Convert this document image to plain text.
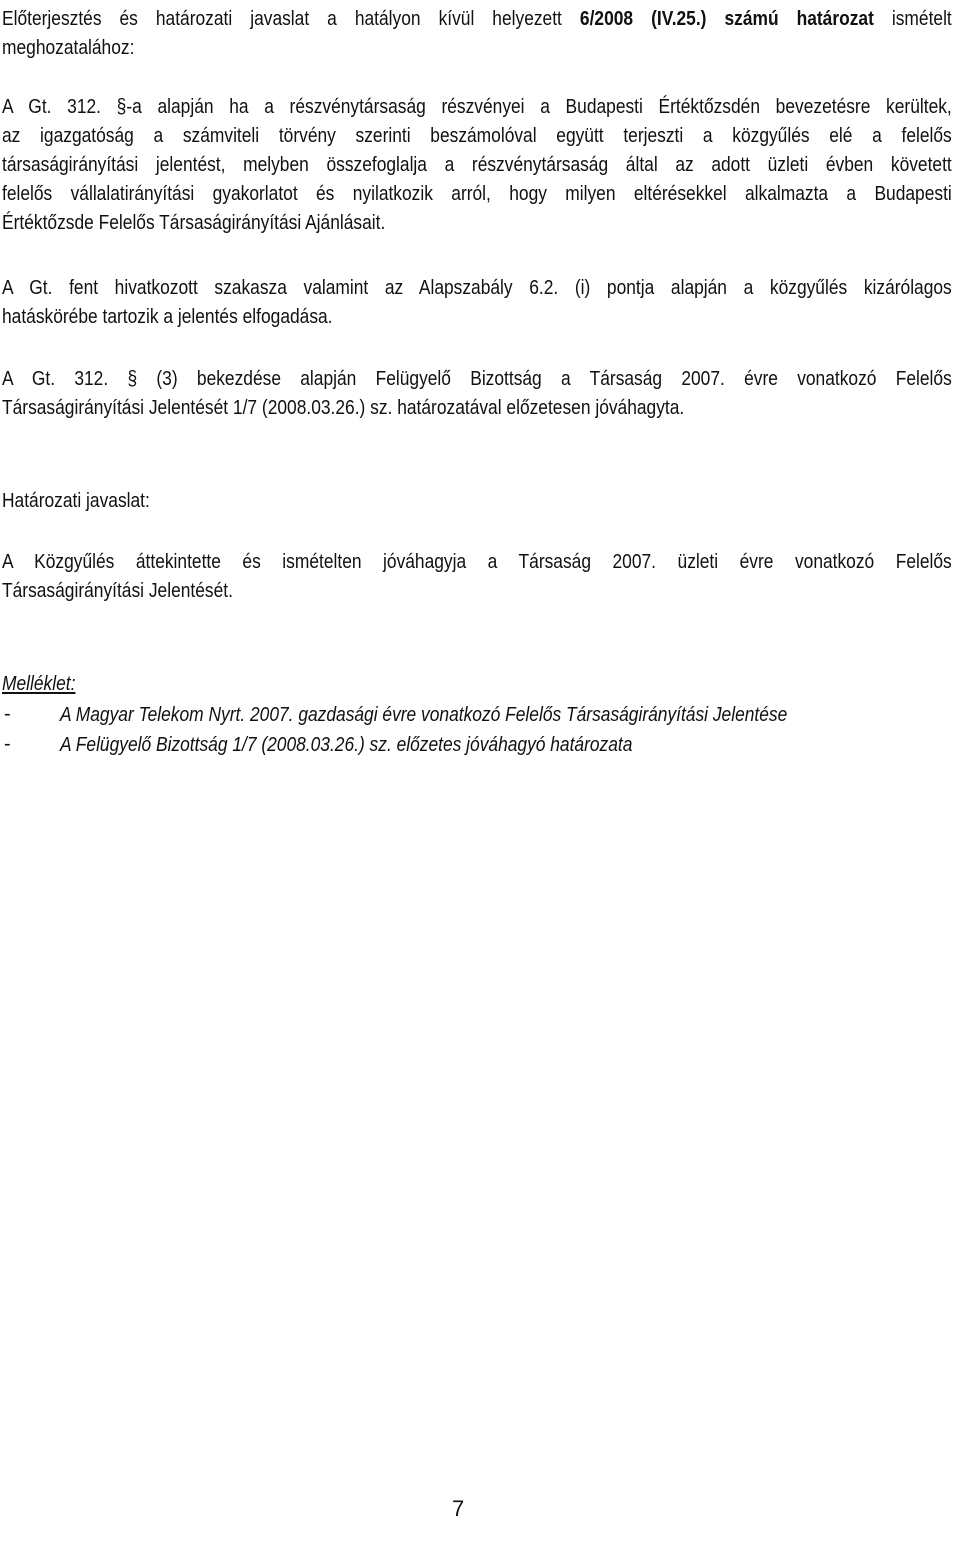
Előterjesztés és határozati javaslat a hatályon kívül helyezett 6/2008 (IV.25.) számú határozat ismételt
meghozatalához:
A Gt. 312. §-a alapján ha a részvénytársaság részvényei a Budapesti Értéktőzsdén bevezetésre kerültek,
az igazgatóság a számviteli törvény szerinti beszámolóval együtt terjeszti a közgyűlés elé a felelős
társaságirányítási jelentést, melyben összefoglalja a részvénytársaság által az adott üzleti évben követett
felelős vállalatirányítási gyakorlatot és nyilatkozik arról, hogy milyen eltérésekkel alkalmazta a Budapesti
Értéktőzsde Felelős Társaságirányítási Ajánlásait.
A Gt. fent hivatkozott szakasza valamint az Alapszabály 6.2. (i) pontja alapján a közgyűlés kizárólagos
hatáskörébe tartozik a jelentés elfogadása.
A Gt. 312. § (3) bekezdése alapján Felügyelő Bizottság a Társaság 2007. évre vonatkozó Felelős
Társaságirányítási Jelentését 1/7 (2008.03.26.) sz. határozatával előzetesen jóváhagyta.
Határozati javaslat:
A Közgyűlés áttekintette és ismételten jóváhagyja a Társaság 2007. üzleti évre vonatkozó Felelős
Társaságirányítási Jelentését.
Melléklet:
- A Magyar Telekom Nyrt. 2007. gazdasági évre vonatkozó Felelős Társaságirányítási Jelentése
- A Felügyelő Bizottság 1/7 (2008.03.26.) sz. előzetes jóváhagyó határozata
7
